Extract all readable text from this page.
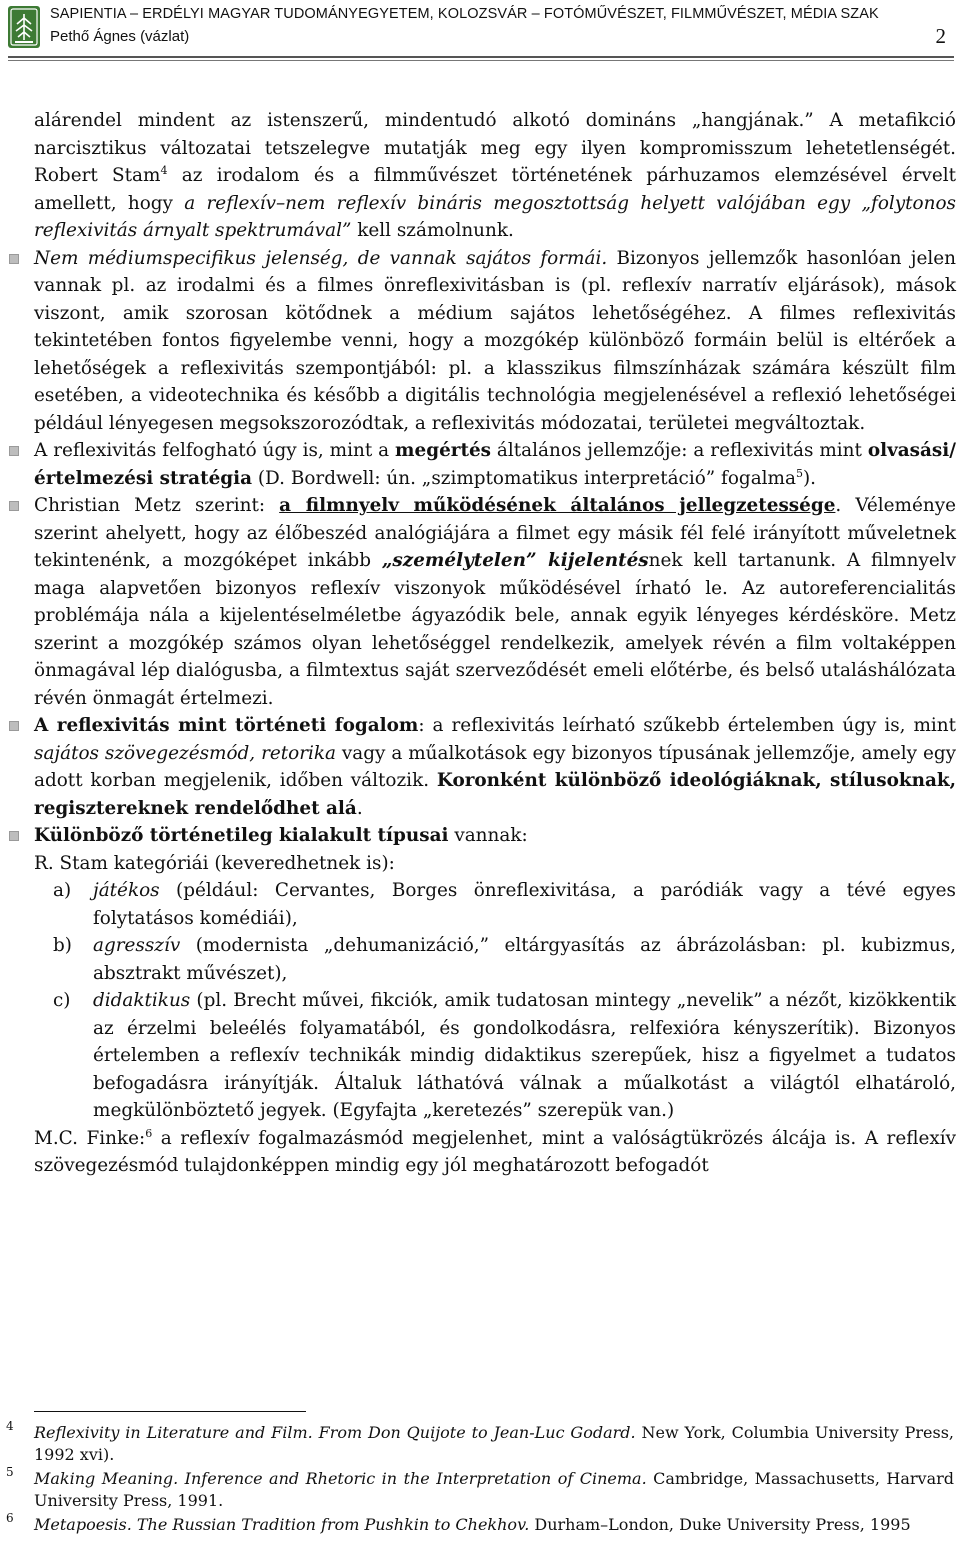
SAPIENTIA – ERDÉLYI MAGYAR TUDOMÁNYEGYETEM, KOLOZSVÁR – FOTÓMŰVÉSZET, FILMMŰVÉSZET, MÉDIA SZAK
Pethő Ágnes (vázlat)	2

alárendel mindent az istenszerű, mindentudó alkotó domináns „hangjának.” A metafikció narcisztikus változatai tetszelegve mutatják meg egy ilyen kompromisszum lehetetlenségét. Robert Stam$^4$ az irodalom és a filmművészet történetének párhuzamos elemzésével érvelt amellett, hogy a reflexív–nem reflexív bináris megosztottság helyett valójában egy „folytonos reflexivitás árnyalt spektrumával” kell számolnunk.

Nem médiumspecifikus jelenség, de vannak sajátos formái. Bizonyos jellemzők hasonlóan jelen vannak pl. az irodalmi és a filmes önreflexivitásban is (pl. reflexív narratív eljárások), mások viszont, amik szorosan kötődnek a médium sajátos lehetőségéhez. A filmes reflexivitás tekintetében fontos figyelembe venni, hogy a mozgókép különböző formáin belül is eltérőek a lehetőségek a reflexivitás szempontjából: pl. a klasszikus filmszínházak számára készült film esetében, a videotechnika és később a digitális technológia megjelenésével a reflexió lehetőségei például lényegesen megsokszorozódtak, a reflexivitás módozatai, területei megváltoztak.

A reflexivitás felfogható úgy is, mint a megértés általános jellemzője: a reflexivitás mint olvasási/értelmezési stratégia (D. Bordwell: ún. „szimptomatikus interpretáció” fogalma$^5$).

Christian Metz szerint: a filmnyelv működésének általános jellegzetessége. Véleménye szerint ahelyett, hogy az élőbeszéd analógiájára a filmet egy másik fél felé irányított műveletnek tekintenénk, a mozgóképet inkább „személytelen” kijelentésnek kell tartanunk. A filmnyelv maga alapvetően bizonyos reflexív viszonyok működésével írható le. Az autoreferencialitás problémája nála a kijelentéselméletbe ágyazódik bele, annak egyik lényeges kérdésköre. Metz szerint a mozgókép számos olyan lehetőséggel rendelkezik, amelyek révén a film voltaképpen önmagával lép dialógusba, a filmtextus saját szerveződését emeli előtérbe, és belső utaláshálózata révén önmagát értelmezi.

A reflexivitás mint történeti fogalom: a reflexivitás leírható szűkebb értelemben úgy is, mint sajátos szövegezésmód, retorika vagy a műalkotások egy bizonyos típusának jellemzője, amely egy adott korban megjelenik, időben változik. Koronként különböző ideológiáknak, stílusoknak, regisztereknek rendelődhet alá.

Különböző történetileg kialakult típusai vannak:

R. Stam kategóriái (keveredhetnek is):

a) játékos (például: Cervantes, Borges önreflexivitása, a paródiák vagy a tévé egyes folytatásos komédiái),

b) agresszív (modernista „dehumanizáció,” eltárgyasítás az ábrázolásban: pl. kubizmus, absztrakt művészet),

c) didaktikus (pl. Brecht művei, fikciók, amik tudatosan mintegy „nevelik” a nézőt, kizökkentik az érzelmi beleélés folyamatából, és gondolkodásra, relfexióra kényszerítik). Bizonyos értelemben a reflexív technikák mindig didaktikus szerepűek, hisz a figyelmet a tudatos befogadásra irányítják. Általuk láthatóvá válnak a műalkotást a világtól elhatároló, megkülönböztető jegyek. (Egyfajta „keretezés” szerepük van.)

M.C. Finke:$^6$ a reflexív fogalmazásmód megjelenhet, mint a valóságtükrözés álcája is. A reflexív szövegezésmód tulajdonképpen mindig egy jól meghatározott befogadót

4 Reflexivity in Literature and Film. From Don Quijote to Jean-Luc Godard. New York, Columbia University Press, 1992 xvi).
5 Making Meaning. Inference and Rhetoric in the Interpretation of Cinema. Cambridge, Massachusetts, Harvard University Press, 1991.
6 Metapoesis. The Russian Tradition from Pushkin to Chekhov. Durham–London, Duke University Press, 1995
